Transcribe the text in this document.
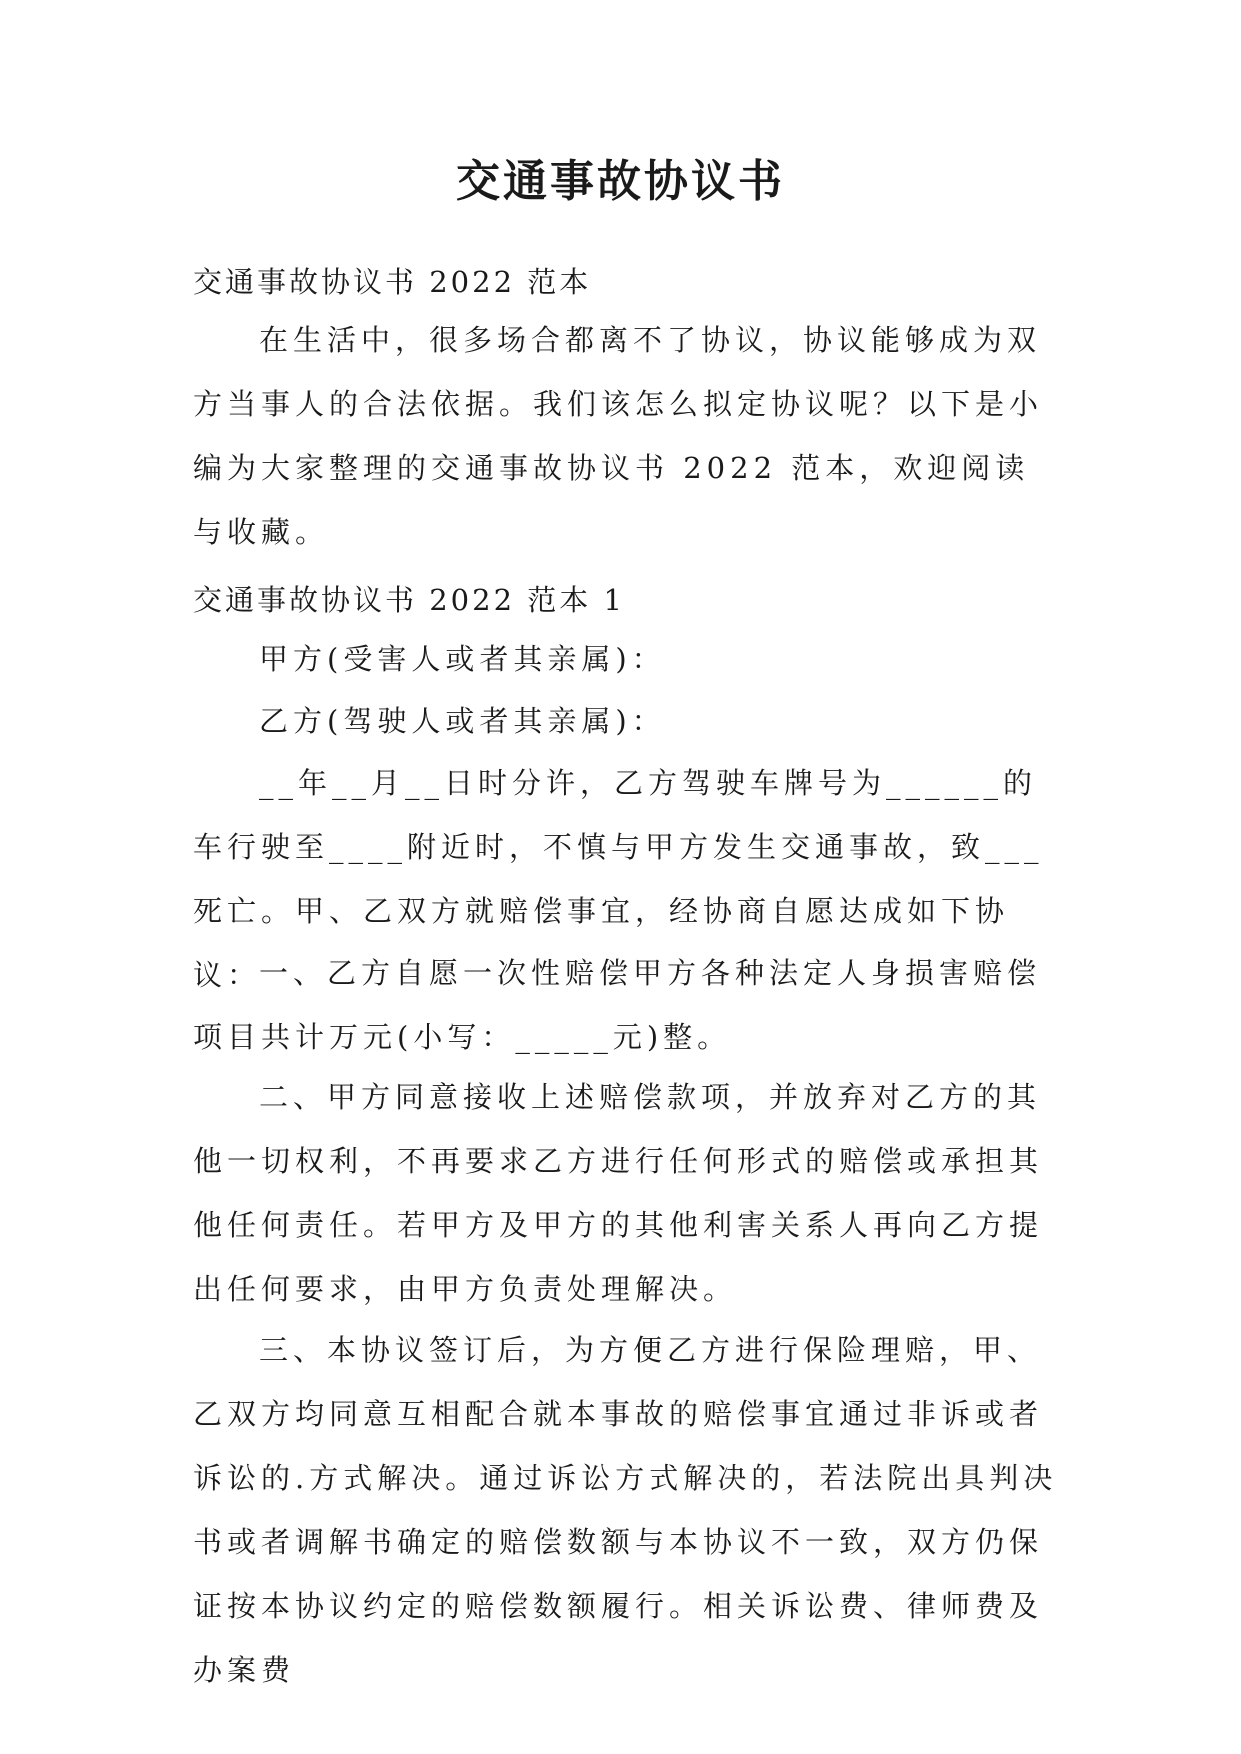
交通事故协议书

交通事故协议书 2022 范本

在生活中，很多场合都离不了协议，协议能够成为双方当事人的合法依据。我们该怎么拟定协议呢？以下是小编为大家整理的交通事故协议书 2022 范本，欢迎阅读与收藏。

交通事故协议书 2022 范本 1

甲方(受害人或者其亲属)：

乙方(驾驶人或者其亲属)：

__年__月__日时分许，乙方驾驶车牌号为______的车行驶至____附近时，不慎与甲方发生交通事故，致___死亡。甲、乙双方就赔偿事宜，经协商自愿达成如下协议：

一、乙方自愿一次性赔偿甲方各种法定人身损害赔偿项目共计万元(小写：_____元)整。

二、甲方同意接收上述赔偿款项，并放弃对乙方的其他一切权利，不再要求乙方进行任何形式的赔偿或承担其他任何责任。若甲方及甲方的其他利害关系人再向乙方提出任何要求，由甲方负责处理解决。

三、本协议签订后，为方便乙方进行保险理赔，甲、乙双方均同意互相配合就本事故的赔偿事宜通过非诉或者诉讼的.方式解决。通过诉讼方式解决的，若法院出具判决书或者调解书确定的赔偿数额与本协议不一致，双方仍保证按本协议约定的赔偿数额履行。相关诉讼费、律师费及办案费
